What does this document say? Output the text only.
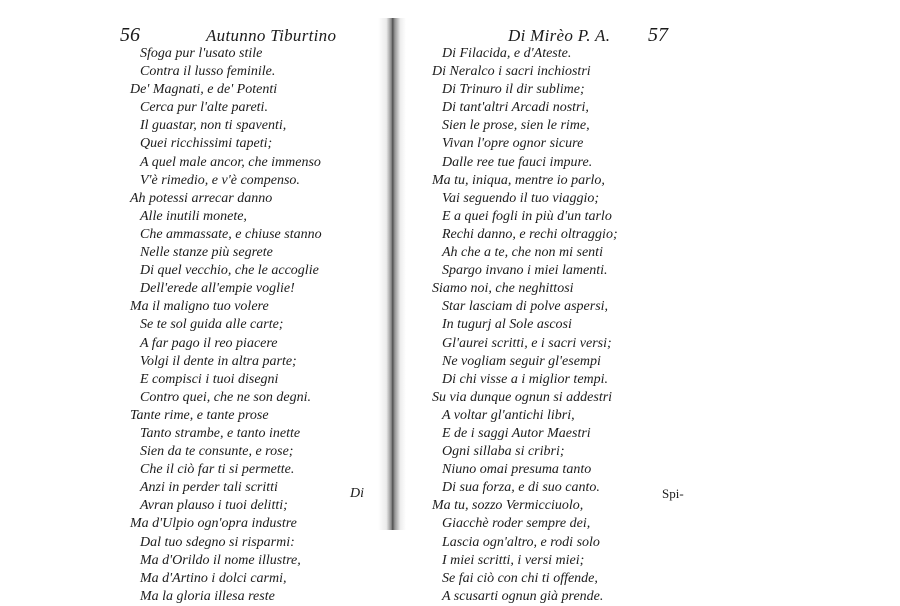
56	Autunno Tiburtino	Di Mirèo P. A. 57
Sfoga pur l'usato stile
Contra il lusso feminile.
De' Magnati, e de' Potenti
Cerca pur l'alte pareti.
Il guastar, non ti spaventi,
Quei ricchissimi tapeti;
A quel male ancor, che immenso
V'è rimedio, e v'è compenso.
Ah potessi arrecar danno
Alle inutili monete,
Che ammassate, e chiuse stanno
Nelle stanze più segrete
Di quel vecchio, che le accoglie
Dell'erede all'empie voglie!
Ma il maligno tuo volere
Se te sol guida alle carte;
A far pago il reo piacere
Volgi il dente in altra parte;
E compisci i tuoi disegni
Contro quei, che ne son degni.
Tante rime, e tante prose
Tanto strambe, e tanto inette
Sien da te consunte, e rose;
Che il ciò far ti si permette.
Anzi in perder tali scritti
Avran plauso i tuoi delitti;
Ma d'Ulpio ogn'opra industre
Dal tuo sdegno si risparmi:
Ma d'Orildo il nome illustre,
Ma d'Artino i dolci carmi,
Ma la gloria illesa reste
Di Filacida, e d'Ateste.
Di Neralco i sacri inchiostri
Di Trinuro il dir sublime;
Di tant'altri Arcadi nostri,
Sien le prose, sien le rime,
Vivan l'opre ognor sicure
Dalle ree tue fauci impure.
Ma tu, iniqua, mentre io parlo,
Vai seguendo il tuo viaggio;
E a quei fogli in più d'un tarlo
Rechi danno, e rechi oltraggio;
Ah che a te, che non mi senti
Spargo invano i miei lamenti.
Siamo noi, che neghittosi
Star lasciam di polve aspersi,
In tugurj al Sole ascosi
Gl'aurei scritti, e i sacri versi;
Ne vogliam seguir gl'esempi
Di chi visse a i miglior tempi.
Su via dunque ognun si addestri
A voltar gl'antichi libri,
E de i saggi Autor Maestri
Ogni sillaba si cribri;
Niuno omai presuma tanto
Di sua forza, e di suo canto.
Ma tu, sozzo Vermicciuolo,
Giacchè roder sempre dei,
Lascia ogn'altro, e rodi solo
I miei scritti, i versi miei;
Se fai ciò con chi ti offende,
A scusarti ognun già prende.
Di	Spi-
